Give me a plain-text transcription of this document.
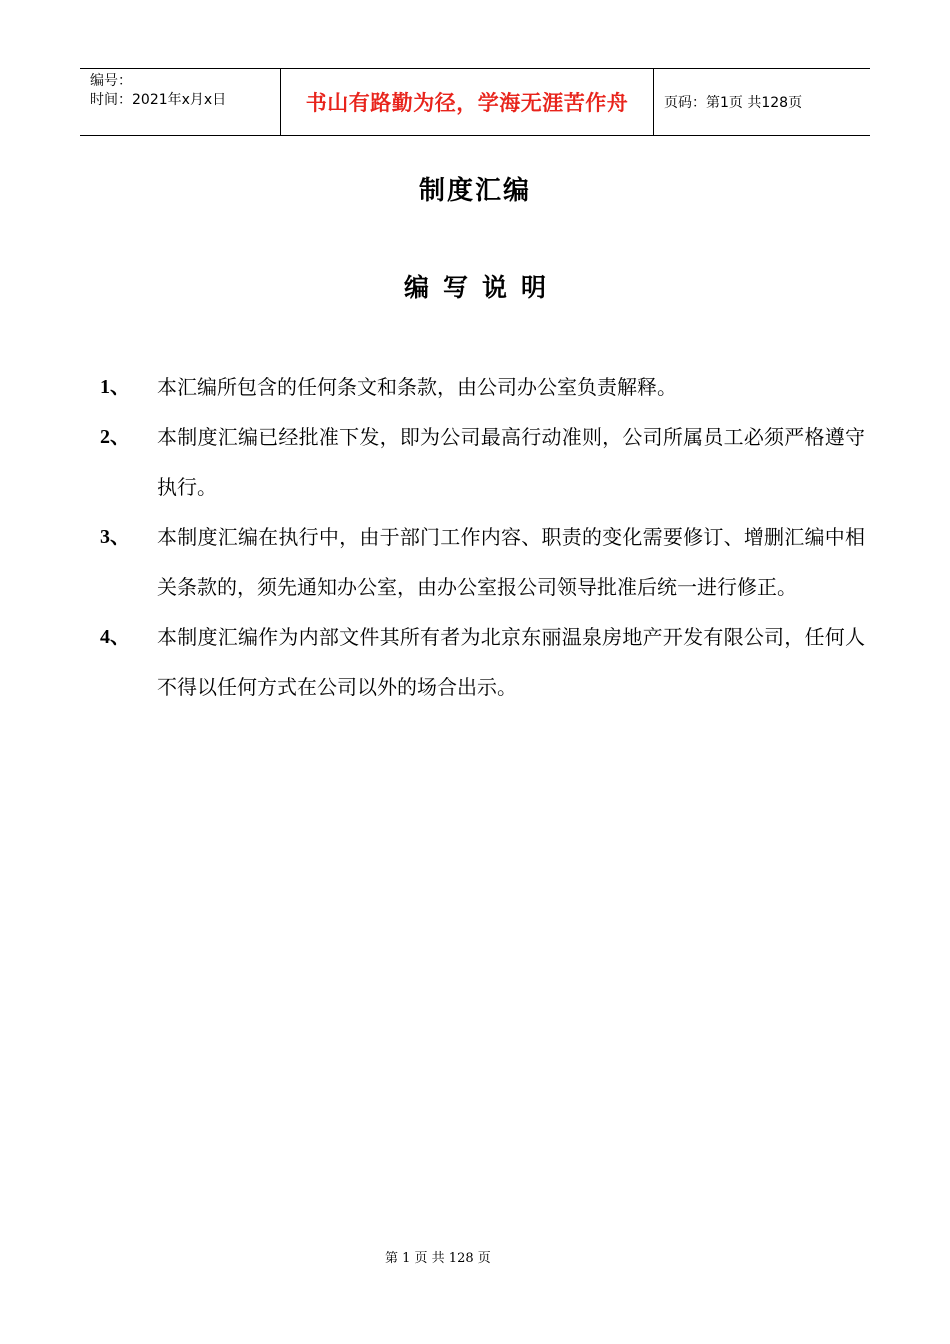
编号：
时间：2021年x月x日	书山有路勤为径，学海无涯苦作舟	页码：第1页 共128页
制度汇编
编写说明
1、	本汇编所包含的任何条文和条款，由公司办公室负责解释。
2、	本制度汇编已经批准下发，即为公司最高行动准则，公司所属员工必须严格遵守执行。
3、	本制度汇编在执行中，由于部门工作内容、职责的变化需要修订、增删汇编中相关条款的，须先通知办公室，由办公室报公司领导批准后统一进行修正。
4、	本制度汇编作为内部文件其所有者为北京东丽温泉房地产开发有限公司，任何人不得以任何方式在公司以外的场合出示。
第 1 页 共 128 页
